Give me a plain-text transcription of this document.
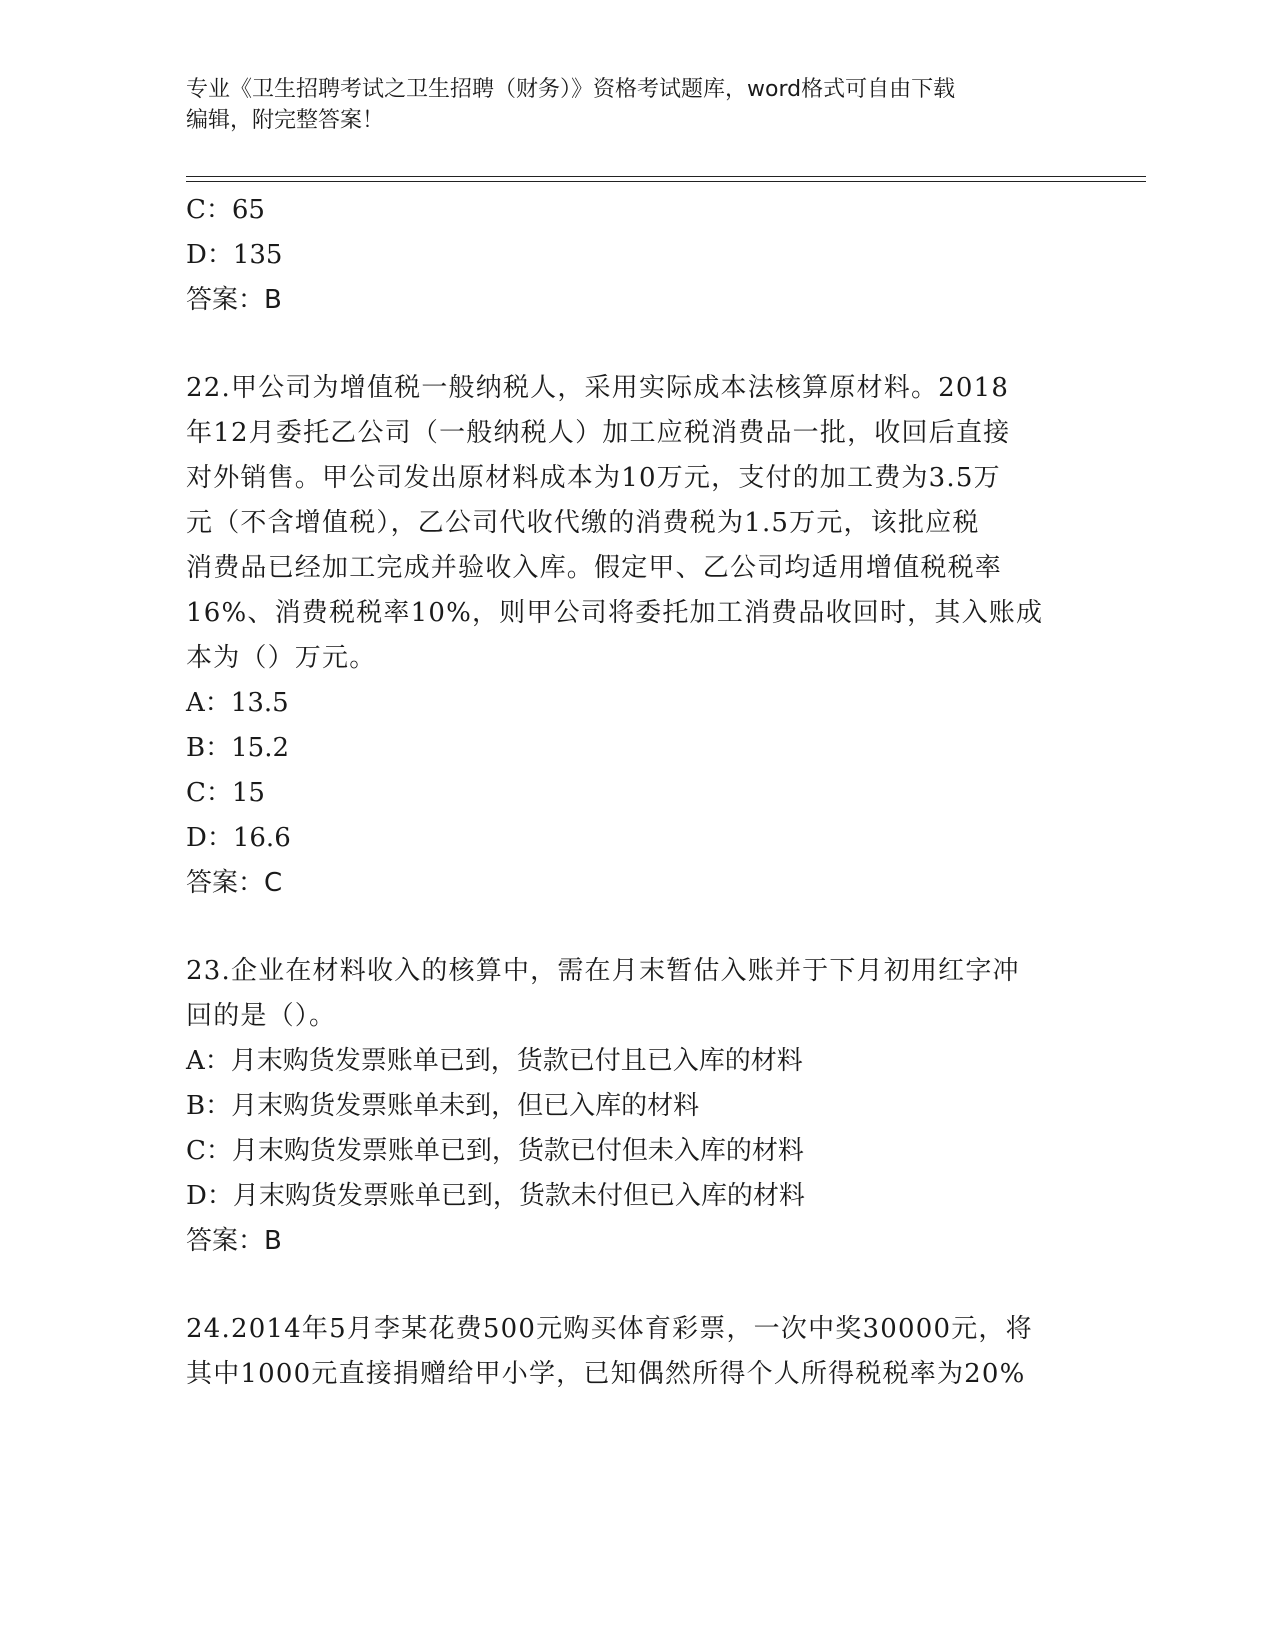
专业《卫生招聘考试之卫生招聘（财务）》资格考试题库，word格式可自由下载
编辑，附完整答案！
C：65
D：135
答案：B
22.甲公司为增值税一般纳税人，采用实际成本法核算原材料。2018
年12月委托乙公司（一般纳税人）加工应税消费品一批，收回后直接
对外销售。甲公司发出原材料成本为10万元，支付的加工费为3.5万
元（不含增值税），乙公司代收代缴的消费税为1.5万元，该批应税
消费品已经加工完成并验收入库。假定甲、乙公司均适用增值税税率
16%、消费税税率10%，则甲公司将委托加工消费品收回时，其入账成
本为（）万元。
A：13.5
B：15.2
C：15
D：16.6
答案：C
23.企业在材料收入的核算中，需在月末暂估入账并于下月初用红字冲
回的是（）。
A：月末购货发票账单已到，货款已付且已入库的材料
B：月末购货发票账单未到，但已入库的材料
C：月末购货发票账单已到，货款已付但未入库的材料
D：月末购货发票账单已到，货款未付但已入库的材料
答案：B
24.2014年5月李某花费500元购买体育彩票，一次中奖30000元，将
其中1000元直接捐赠给甲小学，已知偶然所得个人所得税税率为20%
